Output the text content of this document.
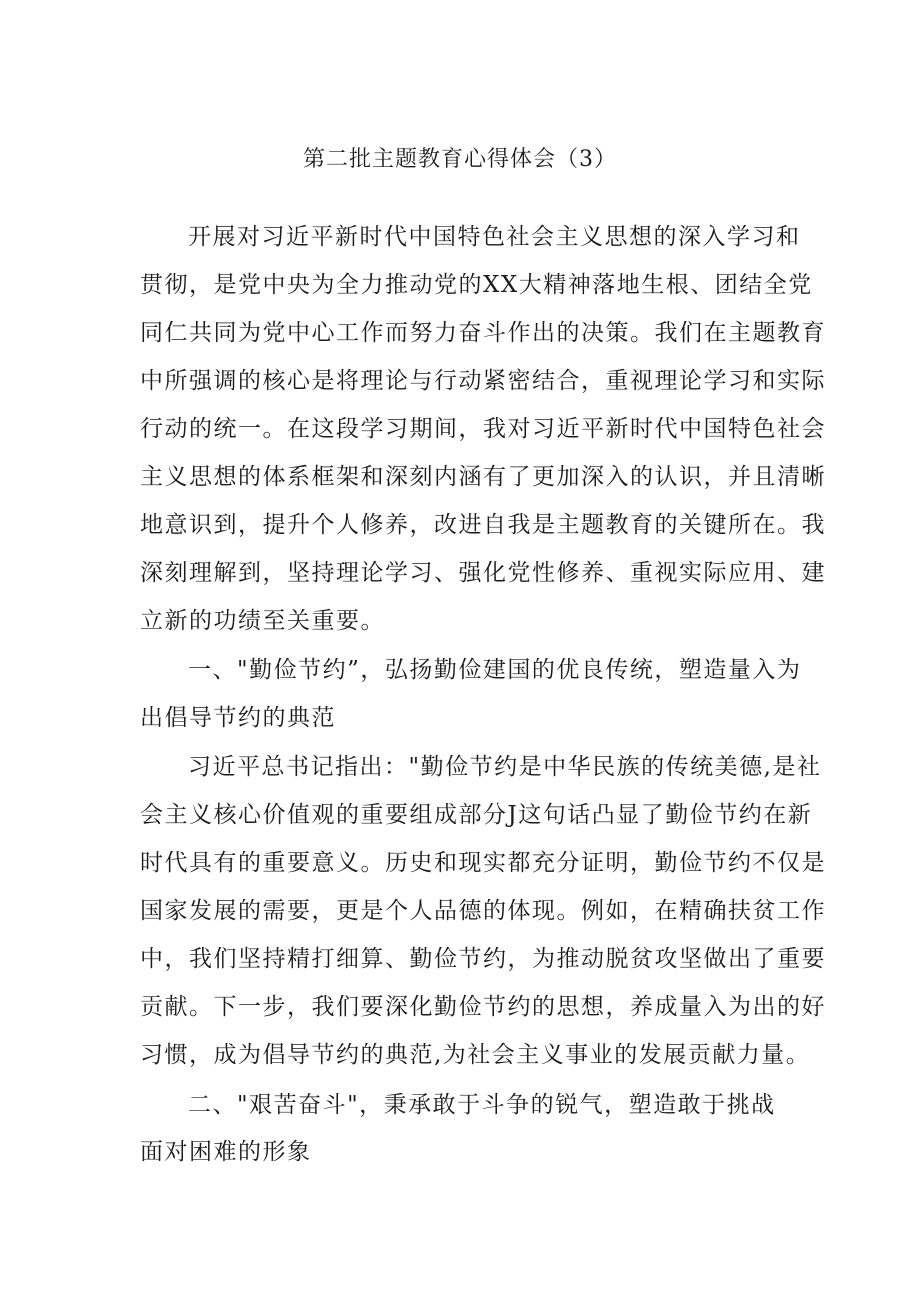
第二批主题教育心得体会（3）
开展对习近平新时代中国特色社会主义思想的深入学习和
贯彻，是党中央为全力推动党的XX大精神落地生根、团结全党
同仁共同为党中心工作而努力奋斗作出的决策。我们在主题教育
中所强调的核心是将理论与行动紧密结合，重视理论学习和实际
行动的统一。在这段学习期间，我对习近平新时代中国特色社会
主义思想的体系框架和深刻内涵有了更加深入的认识，并且清晰
地意识到，提升个人修养，改进自我是主题教育的关键所在。我
深刻理解到，坚持理论学习、强化党性修养、重视实际应用、建
立新的功绩至关重要。
一、"勤俭节约”，弘扬勤俭建国的优良传统，塑造量入为
出倡导节约的典范
习近平总书记指出："勤俭节约是中华民族的传统美德,是社
会主义核心价值观的重要组成部分J这句话凸显了勤俭节约在新
时代具有的重要意义。历史和现实都充分证明，勤俭节约不仅是
国家发展的需要，更是个人品德的体现。例如，在精确扶贫工作
中，我们坚持精打细算、勤俭节约，为推动脱贫攻坚做出了重要
贡献。下一步，我们要深化勤俭节约的思想，养成量入为出的好
习惯，成为倡导节约的典范,为社会主义事业的发展贡献力量。
二、"艰苦奋斗"，秉承敢于斗争的锐气，塑造敢于挑战
面对困难的形象
